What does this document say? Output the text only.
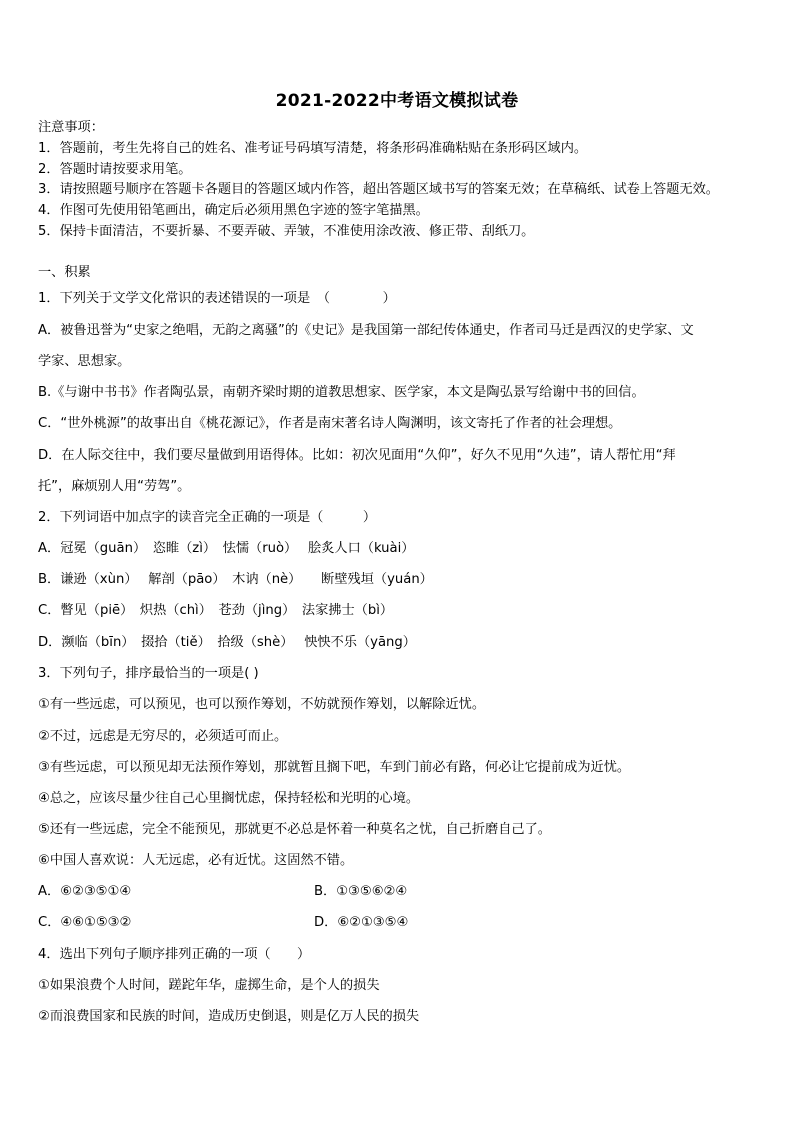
2021-2022中考语文模拟试卷
注意事项：
1．答题前，考生先将自己的姓名、准考证号码填写清楚，将条形码准确粘贴在条形码区域内。
2．答题时请按要求用笔。
3．请按照题号顺序在答题卡各题目的答题区域内作答，超出答题区域书写的答案无效；在草稿纸、试卷上答题无效。
4．作图可先使用铅笔画出，确定后必须用黑色字迹的签字笔描黑。
5．保持卡面清洁，不要折暴、不要弄破、弄皱，不准使用涂改液、修正带、刮纸刀。
一、积累
1．下列关于文学文化常识的表述错误的一项是　（　　　　）
A．被鲁迅誉为“史家之绝唱，无韵之离骚”的《史记》是我国第一部纪传体通史，作者司马迁是西汉的史学家、文
学家、思想家。
B.《与谢中书书》作者陶弘景，南朝齐梁时期的道教思想家、医学家，本文是陶弘景写给谢中书的回信。
C．“世外桃源”的故事出自《桃花源记》，作者是南宋著名诗人陶渊明，该文寄托了作者的社会理想。
D．在人际交往中，我们要尽量做到用语得体。比如：初次见面用“久仰”，好久不见用“久违”，请人帮忙用“拜
托”，麻烦别人用“劳驾”。
2．下列词语中加点字的读音完全正确的一项是（　　　）
A．冠冕（guān）　恣睢（zì）　怯懦（ruò）　 脍炙人口（kuài）
B．谦逊（xùn）　 解剖（pāo）　木讷（nè）　　断壁残垣（yuán）
C．瞥见（piē）　炽热（chì）　苍劲（jìng）　法家拂士（bì）
D．濒临（bīn）　掇拾（tiě）　拾级（shè）　 怏怏不乐（yāng）
3．下列句子，排序最恰当的一项是( )
①有一些远虑，可以预见，也可以预作筹划，不妨就预作筹划，以解除近忧。
②不过，远虑是无穷尽的，必须适可而止。
③有些远虑，可以预见却无法预作筹划，那就暂且搁下吧，车到门前必有路，何必让它提前成为近忧。
④总之，应该尽量少往自己心里搁忧虑，保持轻松和光明的心境。
⑤还有一些远虑，完全不能预见，那就更不必总是怀着一种莫名之忧，自己折磨自己了。
⑥中国人喜欢说：人无远虑，必有近忧。这固然不错。
A．⑥②③⑤①④	B．①③⑤⑥②④
C．④⑥①⑤③②	D．⑥②①③⑤④
4．选出下列句子顺序排列正确的一项（　　）
①如果浪费个人时间，蹉跎年华，虚掷生命，是个人的损失
②而浪费国家和民族的时间，造成历史倒退，则是亿万人民的损失
